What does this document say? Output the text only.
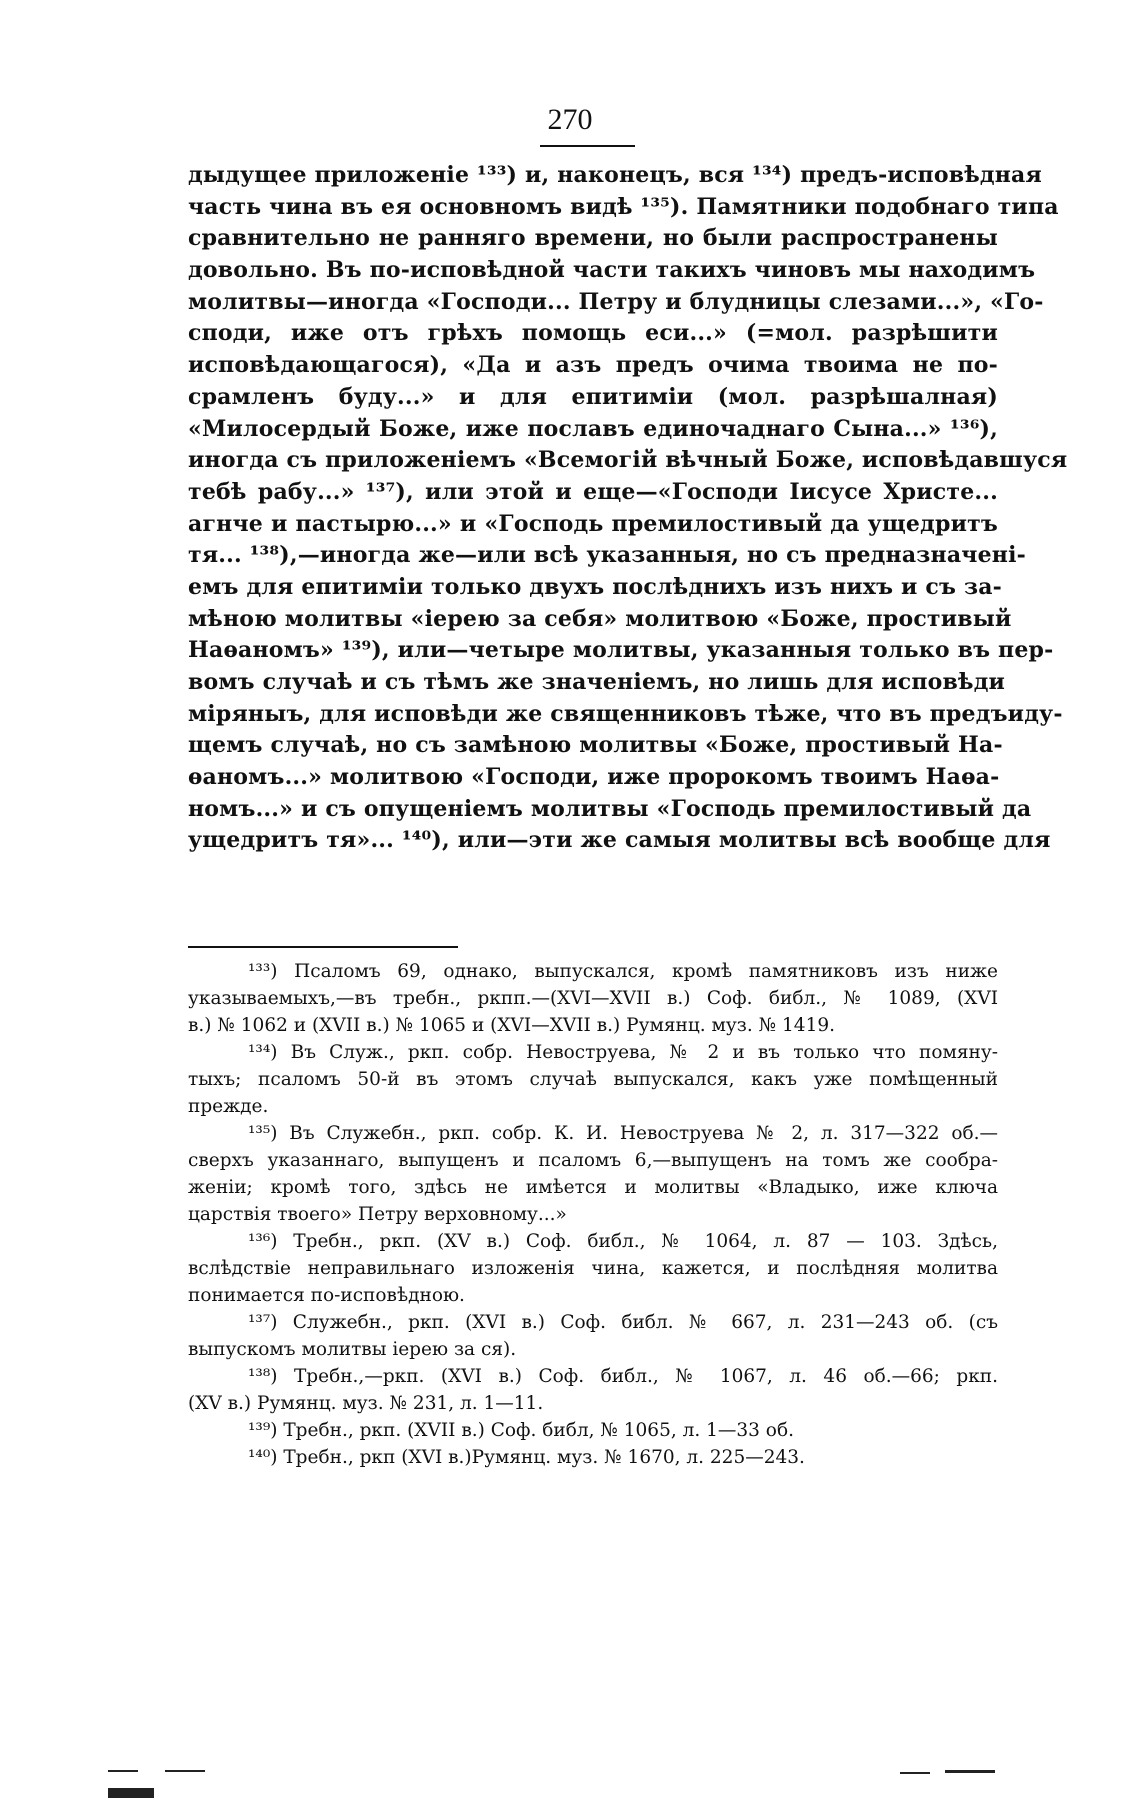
270
дыдущее приложеніе ¹³³) и, наконецъ, вся ¹³⁴) предъ-исповѣдная
часть чина въ ея основномъ видѣ ¹³⁵). Памятники подобнаго типа
сравнительно не ранняго времени, но были распространены
довольно. Въ по-исповѣдной части такихъ чиновъ мы находимъ
молитвы—иногда «Господи... Петру и блудницы слезами...», «Го-
споди, иже отъ грѣхъ помощь еси...» (=мол. разрѣшити
исповѣдающагося), «Да и азъ предъ очима твоима не по-
срамленъ буду...» и для епитиміи (мол. разрѣшалная)
«Милосердый Боже, иже пославъ единочаднаго Сына...» ¹³⁶),
иногда съ приложеніемъ «Всемогій вѣчный Боже, исповѣдавшуся
тебѣ рабу...» ¹³⁷), или этой и еще—«Господи Іисусе Христе...
агнче и пастырю...» и «Господь премилостивый да ущедритъ
тя... ¹³⁸),—иногда же—или всѣ указанныя, но съ предназначені-
емъ для епитиміи только двухъ послѣднихъ изъ нихъ и съ за-
мѣною молитвы «іерею за себя» молитвою «Боже, простивый
Наѳаномъ» ¹³⁹), или—четыре молитвы, указанныя только въ пер-
вомъ случаѣ и съ тѣмъ же значеніемъ, но лишь для исповѣди
міряныъ, для исповѣди же священниковъ тѣже, что въ предъиду-
щемъ случаѣ, но съ замѣною молитвы «Боже, простивый На-
ѳаномъ...» молитвою «Господи, иже пророкомъ твоимъ Наѳа-
номъ...» и съ опущеніемъ молитвы «Господь премилостивый да
ущедритъ тя»... ¹⁴⁰), или—эти же самыя молитвы всѣ вообще для
¹³³) Псаломъ 69, однако, выпускался, кромѣ памятниковъ изъ ниже
указываемыхъ,—въ требн., ркпп.—(XVI—XVII в.) Соф. библ., № 1089, (XVI
в.) № 1062 и (XVII в.) № 1065 и (XVI—XVII в.) Румянц. муз. № 1419.
¹³⁴) Въ Служ., ркп. собр. Невоструева, № 2 и въ только что помяну-
тыхъ; псаломъ 50-й въ этомъ случаѣ выпускался, какъ уже помѣщенный
прежде.
¹³⁵) Въ Служебн., ркп. собр. К. И. Невоструева № 2, л. 317—322 об.—
сверхъ указаннаго, выпущенъ и псаломъ 6,—выпущенъ на томъ же сообра-
женіи; кромѣ того, здѣсь не имѣется и молитвы «Владыко, иже ключа
царствія твоего» Петру верховному...»
¹³⁶) Требн., ркп. (XV в.) Соф. библ., № 1064, л. 87 — 103. Здѣсь,
вслѣдствіе неправильнаго изложенія чина, кажется, и послѣдняя молитва
понимается по-исповѣдною.
¹³⁷) Служебн., ркп. (XVI в.) Соф. библ. № 667, л. 231—243 об. (съ
выпускомъ молитвы іерею за ся).
¹³⁸) Требн.,—ркп. (XVI в.) Соф. библ., № 1067, л. 46 об.—66; ркп.
(XV в.) Румянц. муз. № 231, л. 1—11.
¹³⁹) Требн., ркп. (XVII в.) Соф. библ, № 1065, л. 1—33 об.
¹⁴⁰) Требн., ркп (XVI в.)Румянц. муз. № 1670, л. 225—243.
